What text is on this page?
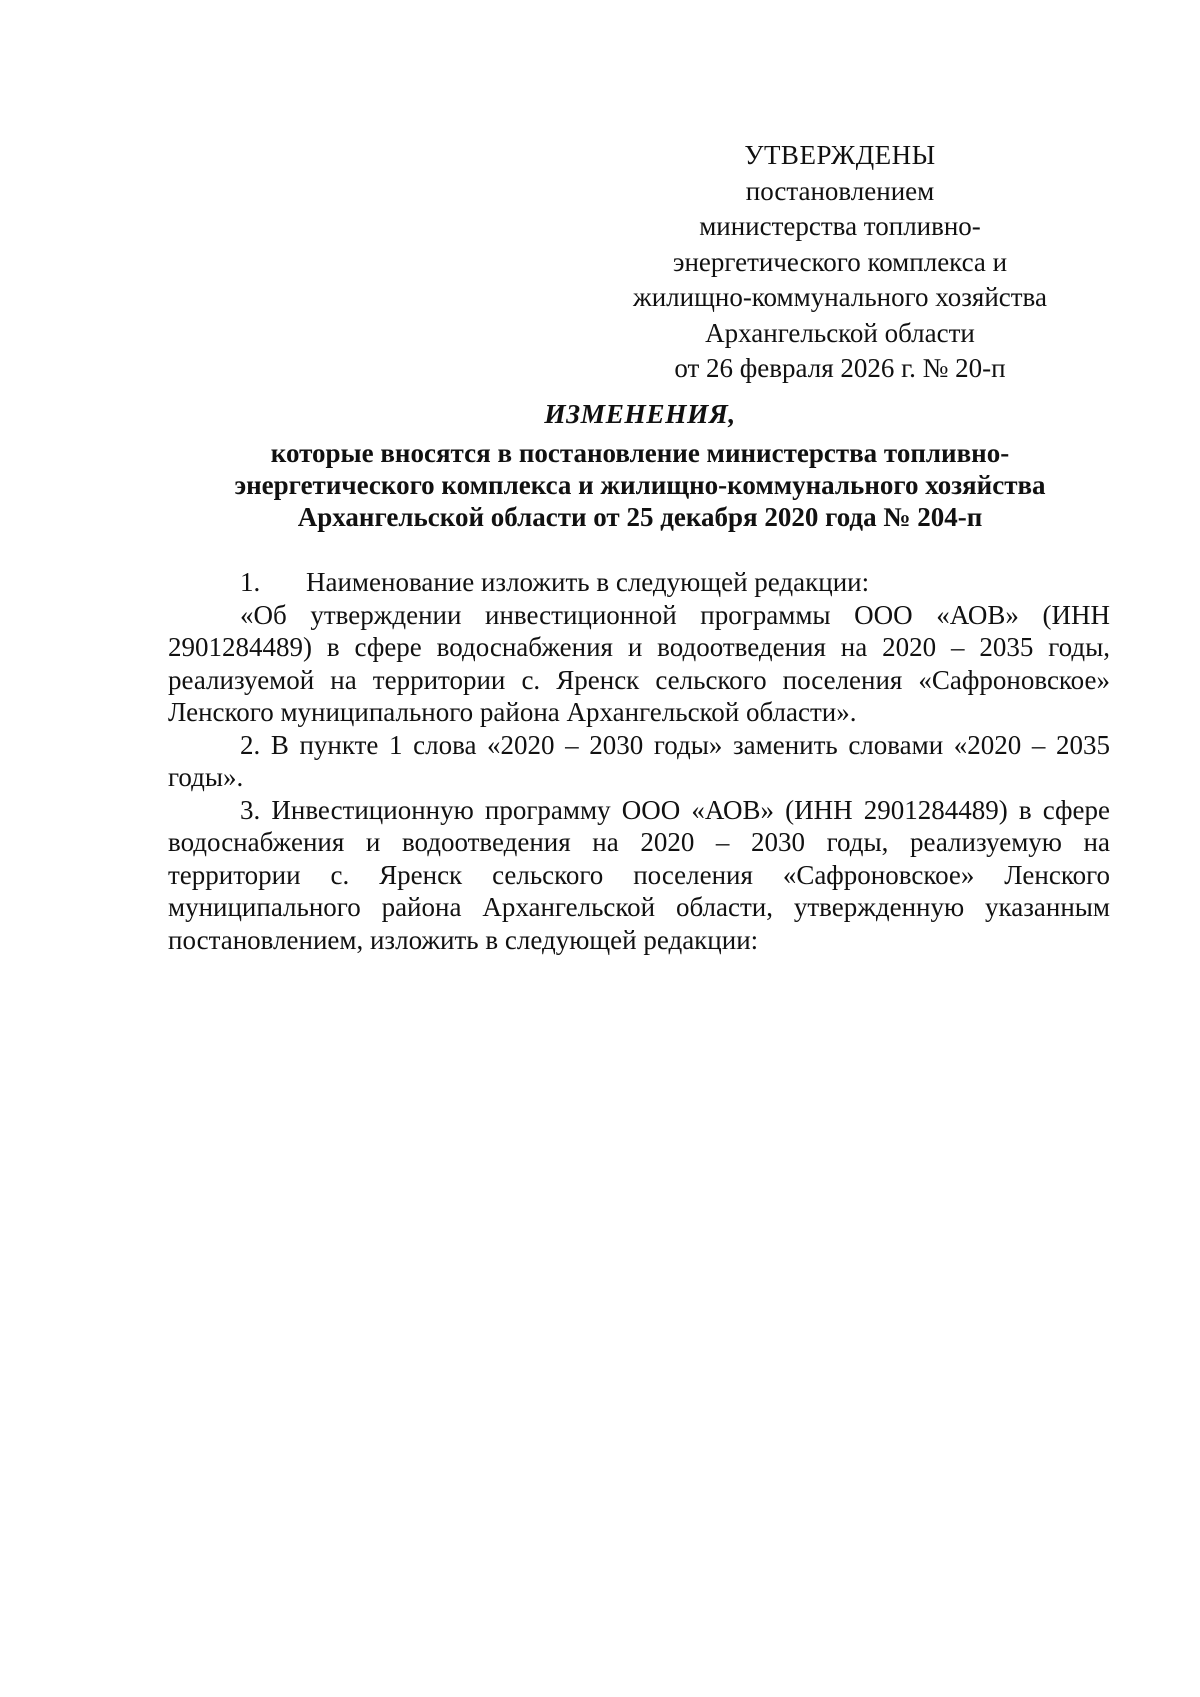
УТВЕРЖДЕНЫ
постановлением
министерства топливно-
энергетического комплекса и
жилищно-коммунального хозяйства
Архангельской области
от 26 февраля 2026 г. № 20-п
ИЗМЕНЕНИЯ,
которые вносятся в постановление министерства топливно-
энергетического комплекса и жилищно-коммунального хозяйства
Архангельской области от 25 декабря 2020 года № 204-п

1. Наименование изложить в следующей редакции:

«Об утверждении инвестиционной программы ООО «АОВ» (ИНН 2901284489) в сфере водоснабжения и водоотведения на 2020 – 2035 годы, реализуемой на территории с. Яренск сельского поселения «Сафроновское» Ленского муниципального района Архангельской области».

2. В пункте 1 слова «2020 – 2030 годы» заменить словами «2020 – 2035 годы».

3. Инвестиционную программу ООО «АОВ» (ИНН 2901284489) в сфере водоснабжения и водоотведения на 2020 – 2030 годы, реализуемую на территории с. Яренск сельского поселения «Сафроновское» Ленского муниципального района Архангельской области, утвержденную указанным постановлением, изложить в следующей редакции:
